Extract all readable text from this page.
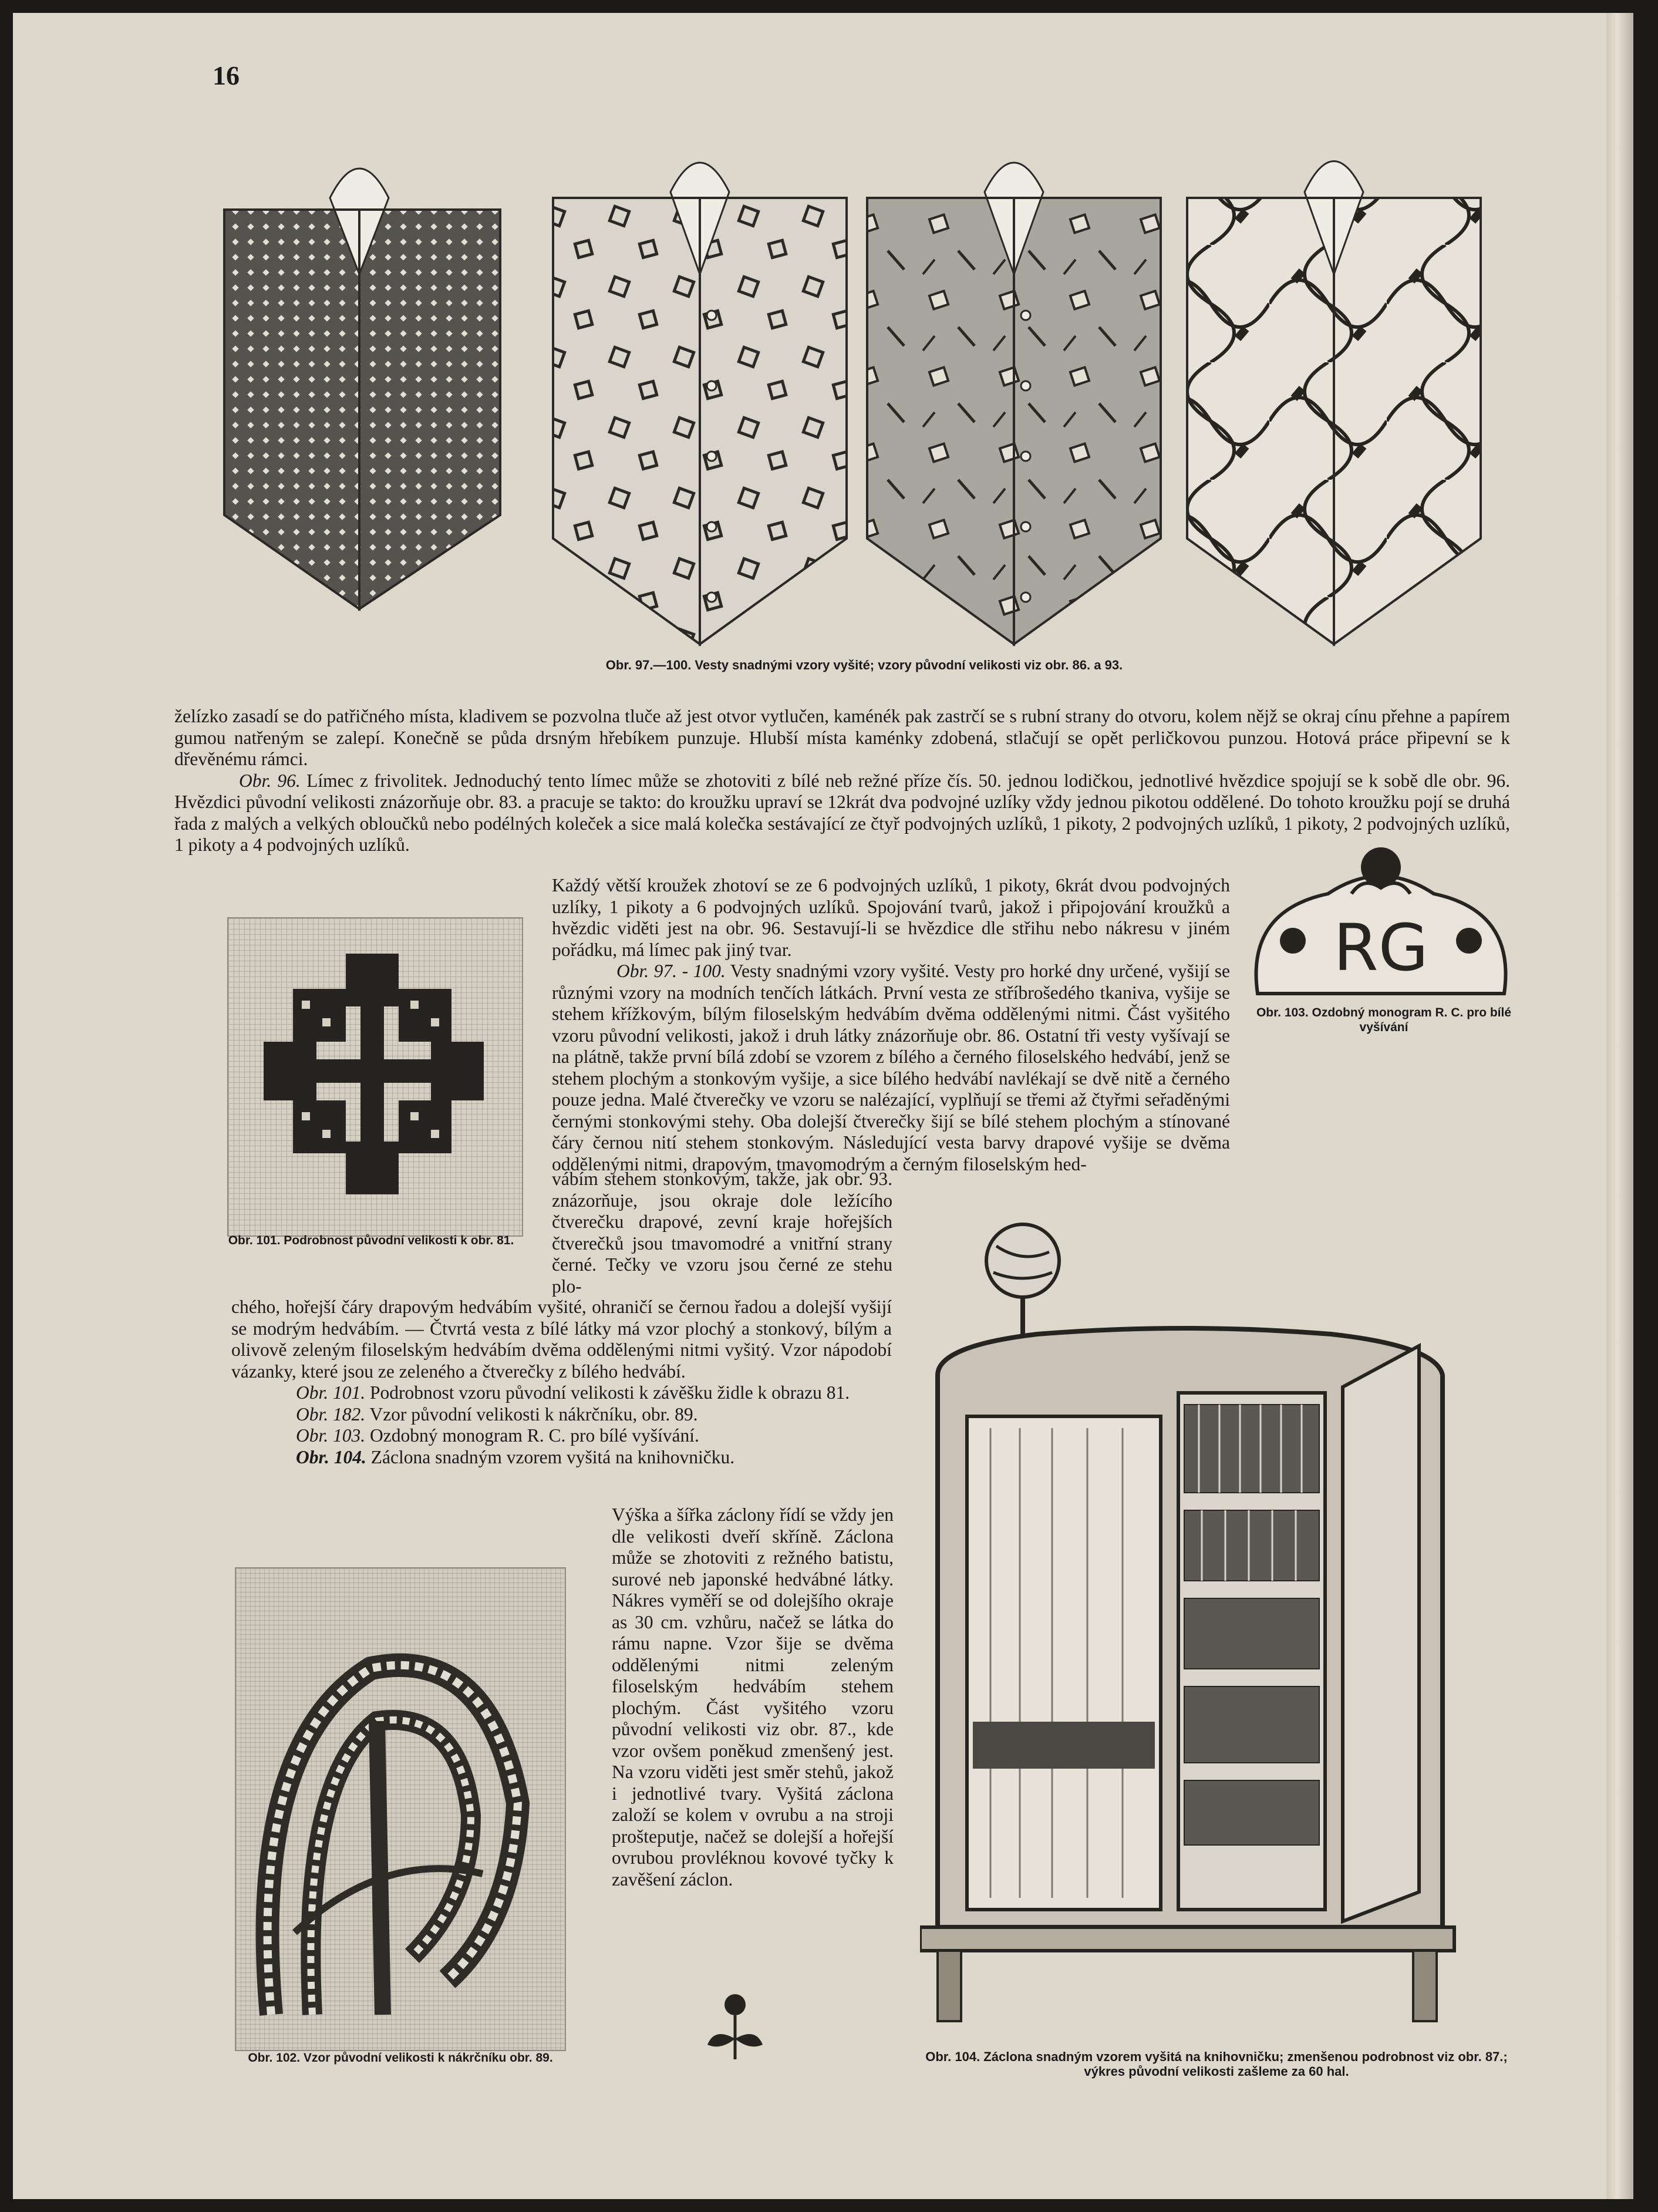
16

Obr. 97.—100. Vesty snadnými vzory vyšité; vzory původní velikosti viz obr. 86. a 93.

želízko zasadí se do patřičného místa, kladivem se pozvolna tluče až jest otvor vytlučen, kaménék pak zastrčí se s rubní strany do otvoru, kolem nějž se okraj cínu přehne a papírem gumou natřeným se zalepí. Konečně se půda drsným hřebíkem punzuje. Hlubší místa kaménky zdobená, stlačují se opět perličkovou punzou. Hotová práce připevní se k dřevěnému rámci.

Obr. 96. Límec z frivolitek. Jednoduchý tento límec může se zhotoviti z bílé neb režné příze čís. 50. jednou lodičkou, jednotlivé hvězdice spojují se k sobě dle obr. 96. Hvězdici původní velikosti znázorňuje obr. 83. a pracuje se takto: do kroužku upraví se 12krát dva podvojné uzlíky vždy jednou pikotou oddělené. Do tohoto kroužku pojí se druhá řada z malých a velkých obloučků nebo podélných koleček a sice malá kolečka sestávající ze čtyř podvojných uzlíků, 1 pikoty, 2 podvojných uzlíků, 1 pikoty, 2 podvojných uzlíků, 1 pikoty a 4 podvojných uzlíků.

Obr. 101. Podrobnost původní velikosti k obr. 81.

RG

Obr. 103. Ozdobný monogram R. C. pro bílé vyšívání

Každý větší kroužek zhotoví se ze 6 podvojných uzlíků, 1 pikoty, 6krát dvou podvojných uzlíky, 1 pikoty a 6 podvojných uzlíků. Spojování tvarů, jakož i připojování kroužků a hvězdic viděti jest na obr. 96. Sestavují-li se hvězdice dle střihu nebo nákresu v jiném pořádku, má límec pak jiný tvar.

Obr. 97. - 100. Vesty snadnými vzory vyšité. Vesty pro horké dny určené, vyšijí se různými vzory na modních tenčích látkách. První vesta ze stříbrošedého tkaniva, vyšije se stehem křížkovým, bílým filoselským hedvábím dvěma oddělenými nitmi. Část vyšitého vzoru původní velikosti, jakož i druh látky znázorňuje obr. 86. Ostatní tři vesty vyšívají se na plátně, takže první bílá zdobí se vzorem z bílého a černého filoselského hedvábí, jenž se stehem plochým a stonkovým vyšije, a sice bílého hedvábí navlékají se dvě nitě a černého pouze jedna. Malé čtverečky ve vzoru se nalézající, vyplňují se třemi až čtyřmi seřaděnými černými stonkovými stehy. Oba dolejší čtverečky šijí se bílé stehem plochým a stínované čáry černou nití stehem stonkovým. Následující vesta barvy drapové vyšije se dvěma oddělenými nitmi, drapovým, tmavomodrým a černým filoselským hed-

vábím stehem stonkovým, takže, jak obr. 93. znázorňuje, jsou okraje dole ležícího čtverečku drapové, zevní kraje hořejších čtverečků jsou tmavomodré a vnitřní strany černé. Tečky ve vzoru jsou černé ze stehu plo-

chého, hořejší čáry drapovým hedvábím vyšité, ohraničí se černou řadou a dolejší vyšijí se modrým hedvábím. — Čtvrtá vesta z bílé látky má vzor plochý a stonkový, bílým a olivově zeleným filoselským hedvábím dvěma oddělenými nitmi vyšitý. Vzor nápodobí vázanky, které jsou ze zeleného a čtverečky z bílého hedvábí.

Obr. 101. Podrobnost vzoru původní velikosti k závěšku židle k obrazu 81.

Obr. 182. Vzor původní velikosti k nákrčníku, obr. 89.

Obr. 103. Ozdobný monogram R. C. pro bílé vyšívání.

Obr. 104. Záclona snadným vzorem vyšitá na knihovničku.

Výška a šířka záclony řídí se vždy jen dle velikosti dveří skříně. Záclona může se zhotoviti z režného batistu, surové neb japonské hedvábné látky. Nákres vyměří se od dolejšího okraje as 30 cm. vzhůru, načež se látka do rámu napne. Vzor šije se dvěma oddělenými nitmi zeleným filoselským hedvábím stehem plochým. Část vyšitého vzoru původní velikosti viz obr. 87., kde vzor ovšem poněkud zmenšený jest. Na vzoru viděti jest směr stehů, jakož i jednotlivé tvary. Vyšitá záclona založí se kolem v ovrubu a na stroji prošteputje, načež se dolejší a hořejší ovrubou provléknou kovové tyčky k zavěšení záclon.

Obr. 102. Vzor původní velikosti k nákrčníku obr. 89.	Obr. 104. Záclona snadným vzorem vyšitá na knihovničku; zmenšenou podrobnost viz obr. 87.; výkres původní velikosti zašleme za 60 hal.
